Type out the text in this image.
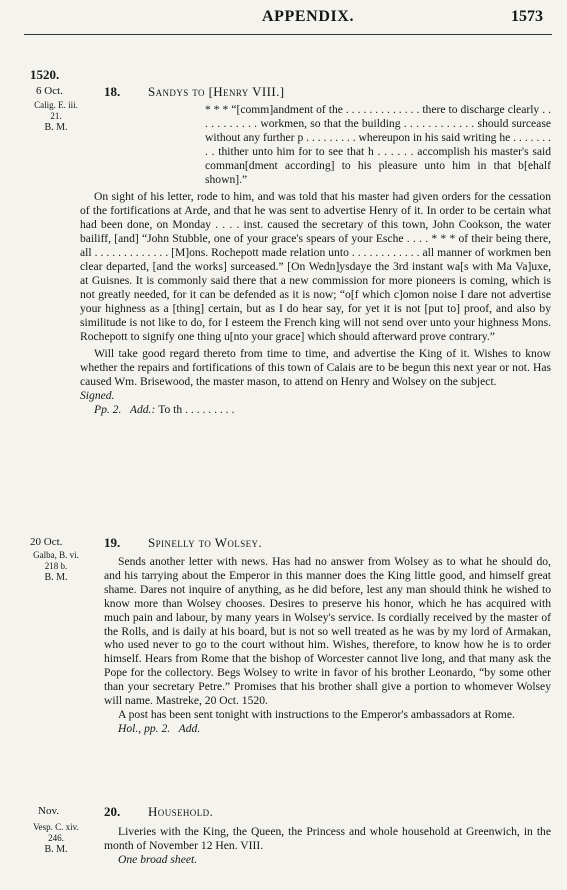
APPENDIX.	1573
1520.
6 Oct.
Calig. E. iii.
21.
B. M.
18. Sandys to [Henry VIII.]

* * * “[comm]andment of the . . . . . . . . . . . . . there to discharge clearly . . . . . . . . . . . workmen, so that the building . . . . . . . . . . . . should surcease without any further p . . . . . . . . . whereupon in his said writing he . . . . . . . . . thither unto him for to see that h . . . . . . accomplish his master's said comman[dment according] to his pleasure unto him in that b[ehalf shown].”

On sight of his letter, rode to him, and was told that his master had given orders for the cessation of the fortifications at Arde, and that he was sent to advertise Henry of it. In order to be certain what had been done, on Monday . . . . inst. caused the secretary of this town, John Cookson, the water bailiff, [and] “John Stubble, one of your grace's spears of your Esche . . . . * * * of their being there, all . . . . . . . . . . . . . [M]ons. Rochepott made relation unto . . . . . . . . . . . . all manner of workmen ben clear departed, [and the works] surceased.” [On Wedn]ysdaye the 3rd instant wa[s with Ma Va]uxe, at Guisnes. It is commonly said there that a new commission for more pioneers is coming, which is not greatly needed, for it can be defended as it is now; “o[f which c]omon noise I dare not advertise your highness as a [thing] certain, but as I do hear say, for yet it is not [put to] proof, and also by similitude is not like to do, for I esteem the French king will not send over unto your highness Mons. Rochepott to signify one thing u[nto your grace] which should afterward prove contrary.”

Will take good regard thereto from time to time, and advertise the King of it. Wishes to know whether the repairs and fortifications of this town of Calais are to be begun this next year or not. Has caused Wm. Brisewood, the master mason, to attend on Henry and Wolsey on the subject.

Signed.
Pp. 2. Add.: To th . . . . . . . . .
20 Oct.
Galba, B. vi.
218 b.
B. M.
19. Spinelly to Wolsey.

Sends another letter with news. Has had no answer from Wolsey as to what he should do, and his tarrying about the Emperor in this manner does the King little good, and himself great shame. Dares not inquire of anything, as he did before, lest any man should think he wished to know more than Wolsey chooses. Desires to preserve his honor, which he has acquired with much pain and labour, by many years in Wolsey's service. Is cordially received by the master of the Rolls, and is daily at his board, but is not so well treated as he was by my lord of Armakan, who used never to go to the court without him. Wishes, therefore, to know how he is to order himself. Hears from Rome that the bishop of Worcester cannot live long, and that many ask the Pope for the collectory. Begs Wolsey to write in favor of his brother Leonardo, “by some other than your secretary Petre.” Promises that his brother shall give a portion to whomever Wolsey will name. Mastreke, 20 Oct. 1520.

A post has been sent tonight with instructions to the Emperor's ambassadors at Rome.

Hol., pp. 2. Add.
Nov.
Vesp. C. xiv.
246.
B. M.
20. Household.

Liveries with the King, the Queen, the Princess and whole household at Greenwich, in the month of November 12 Hen. VIII.

One broad sheet.
